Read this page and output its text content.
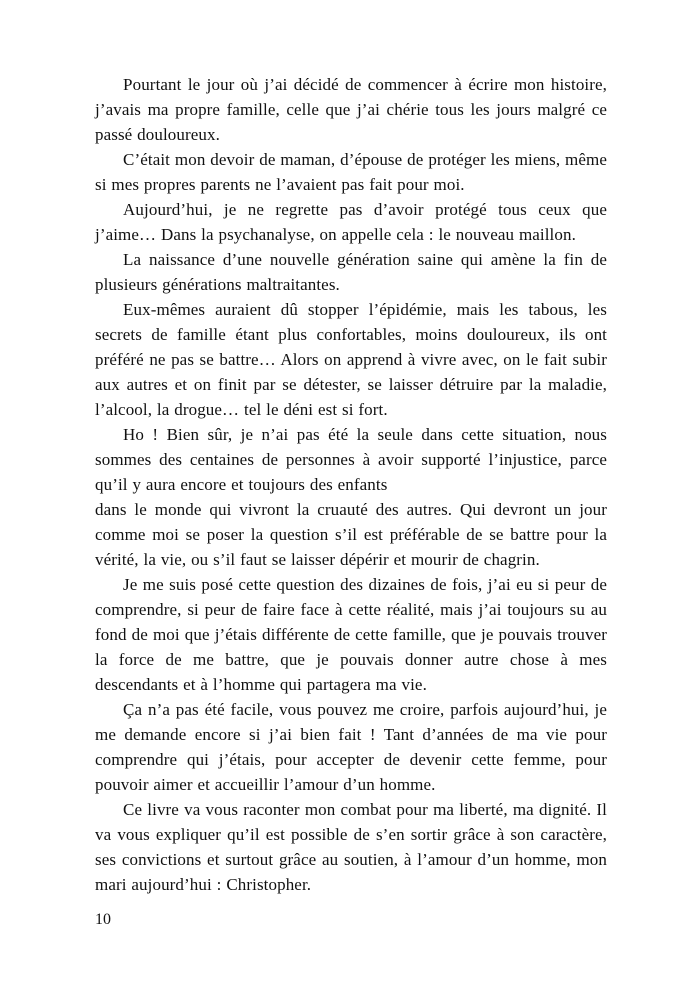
Pourtant le jour où j’ai décidé de commencer à écrire mon histoire, j’avais ma propre famille, celle que j’ai chérie tous les jours malgré ce passé douloureux.

C’était mon devoir de maman, d’épouse de protéger les miens, même si mes propres parents ne l’avaient pas fait pour moi.

Aujourd’hui, je ne regrette pas d’avoir protégé tous ceux que j’aime… Dans la psychanalyse, on appelle cela : le nouveau maillon.

La naissance d’une nouvelle génération saine qui amène la fin de plusieurs générations maltraitantes.

Eux-mêmes auraient dû stopper l’épidémie, mais les tabous, les secrets de famille étant plus confortables, moins douloureux, ils ont préféré ne pas se battre… Alors on apprend à vivre avec, on le fait subir aux autres et on finit par se détester, se laisser détruire par la maladie, l’alcool, la drogue… tel le déni est si fort.

Ho ! Bien sûr, je n’ai pas été la seule dans cette situation, nous sommes des centaines de personnes à avoir supporté l’injustice, parce qu’il y aura encore et toujours des enfants

dans le monde qui vivront la cruauté des autres. Qui devront un jour comme moi se poser la question s’il est préférable de se battre pour la vérité, la vie, ou s’il faut se laisser dépérir et mourir de chagrin.

Je me suis posé cette question des dizaines de fois, j’ai eu si peur de comprendre, si peur de faire face à cette réalité, mais j’ai toujours su au fond de moi que j’étais différente de cette famille, que je pouvais trouver la force de me battre, que je pouvais donner autre chose à mes descendants et à l’homme qui partagera ma vie.

Ça n’a pas été facile, vous pouvez me croire, parfois aujourd’hui, je me demande encore si j’ai bien fait ! Tant d’années de ma vie pour comprendre qui j’étais, pour accepter de devenir cette femme, pour pouvoir aimer et accueillir l’amour d’un homme.

Ce livre va vous raconter mon combat pour ma liberté, ma dignité. Il va vous expliquer qu’il est possible de s’en sortir grâce à son caractère, ses convictions et surtout grâce au soutien, à l’amour d’un homme, mon mari aujourd’hui : Christopher.

10
